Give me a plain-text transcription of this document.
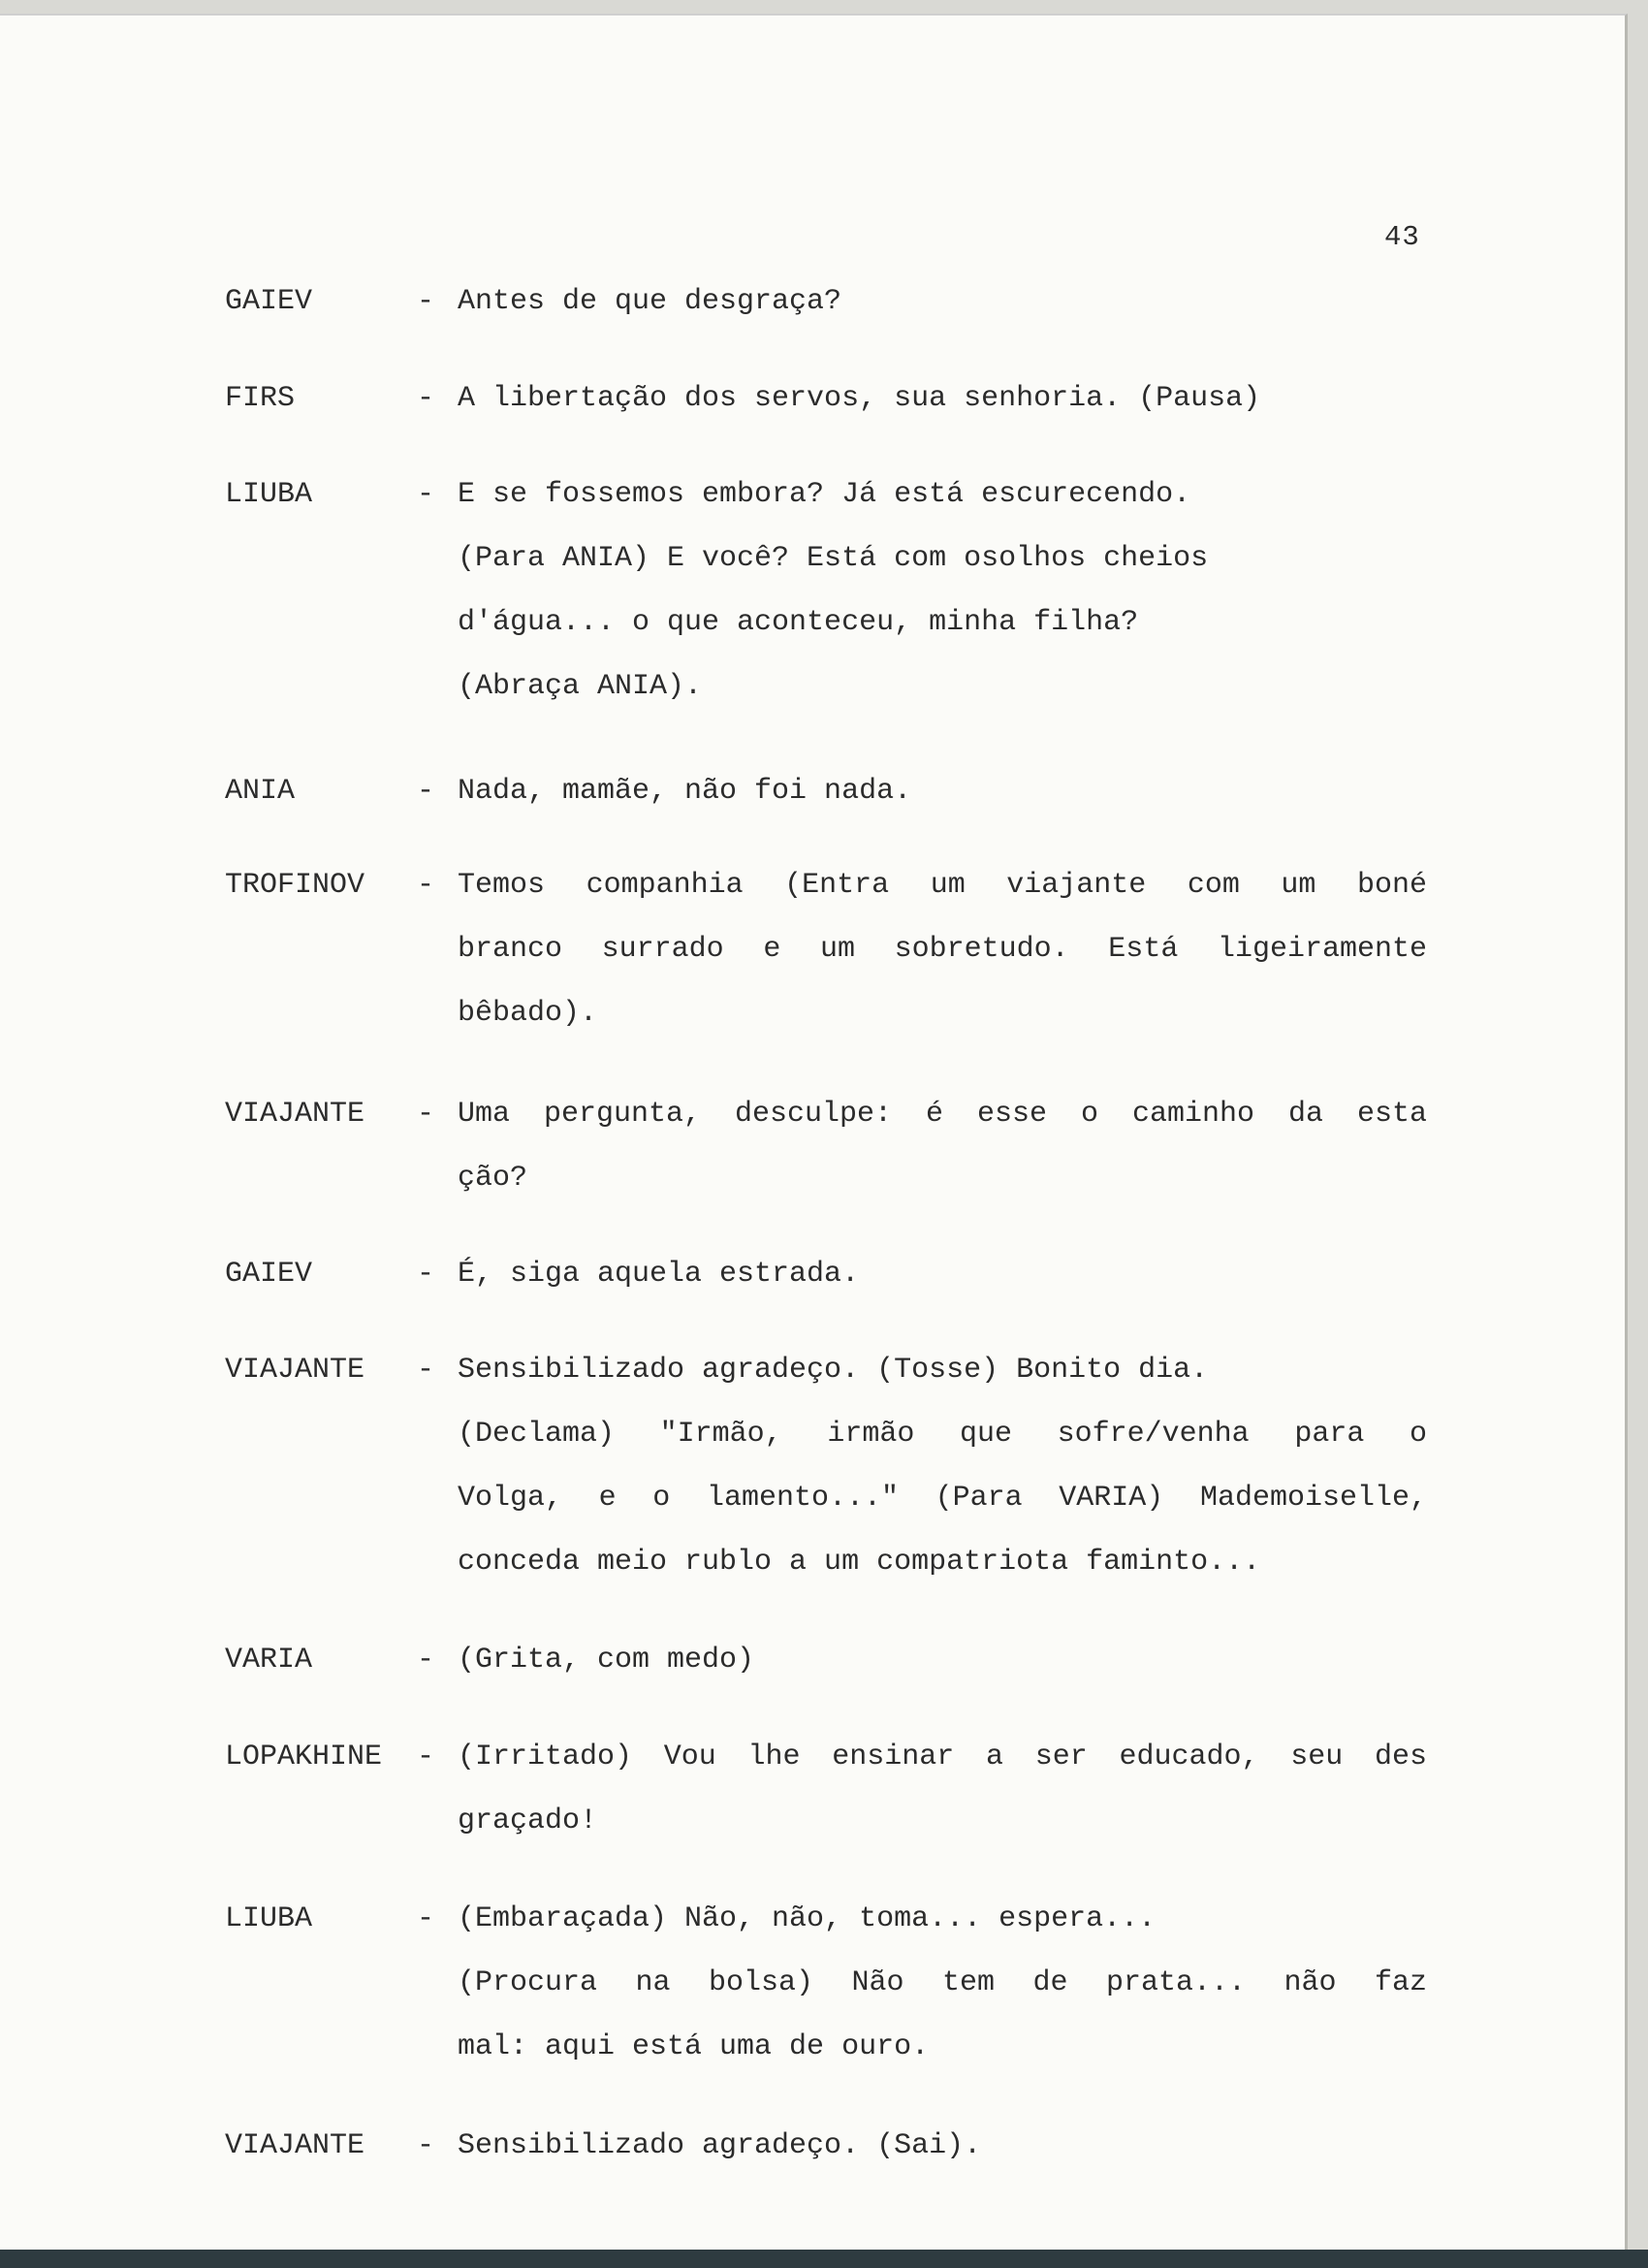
43
GAIEV	- Antes de que desgraça?
FIRS	- A libertação dos servos, sua senhoria. (Pausa)
LIUBA	- E se fossemos embora? Já está escurecendo.
(Para ANIA) E você? Está com osolhos cheios
d'água... o que aconteceu, minha filha?
(Abraça ANIA).
ANIA	- Nada, mamãe, não foi nada.
TROFINOV - Temos companhia (Entra um viajante com um boné
branco surrado e um sobretudo. Está ligeiramente
bêbado).
VIAJANTE - Uma pergunta, desculpe: é esse o caminho da esta
ção?
GAIEV	- É, siga aquela estrada.
VIAJANTE - Sensibilizado agradeço. (Tosse) Bonito dia.
(Declama) "Irmão, irmão que sofre/venha para o
Volga, e o lamento..." (Para VARIA) Mademoiselle,
conceda meio rublo a um compatriota faminto...
VARIA	- (Grita, com medo)
LOPAKHINE - (Irritado) Vou lhe ensinar a ser educado, seu des
graçado!
LIUBA	- (Embaraçada) Não, não, toma... espera...
(Procura na bolsa) Não tem de prata... não faz
mal: aqui está uma de ouro.
VIAJANTE - Sensibilizado agradeço. (Sai).
